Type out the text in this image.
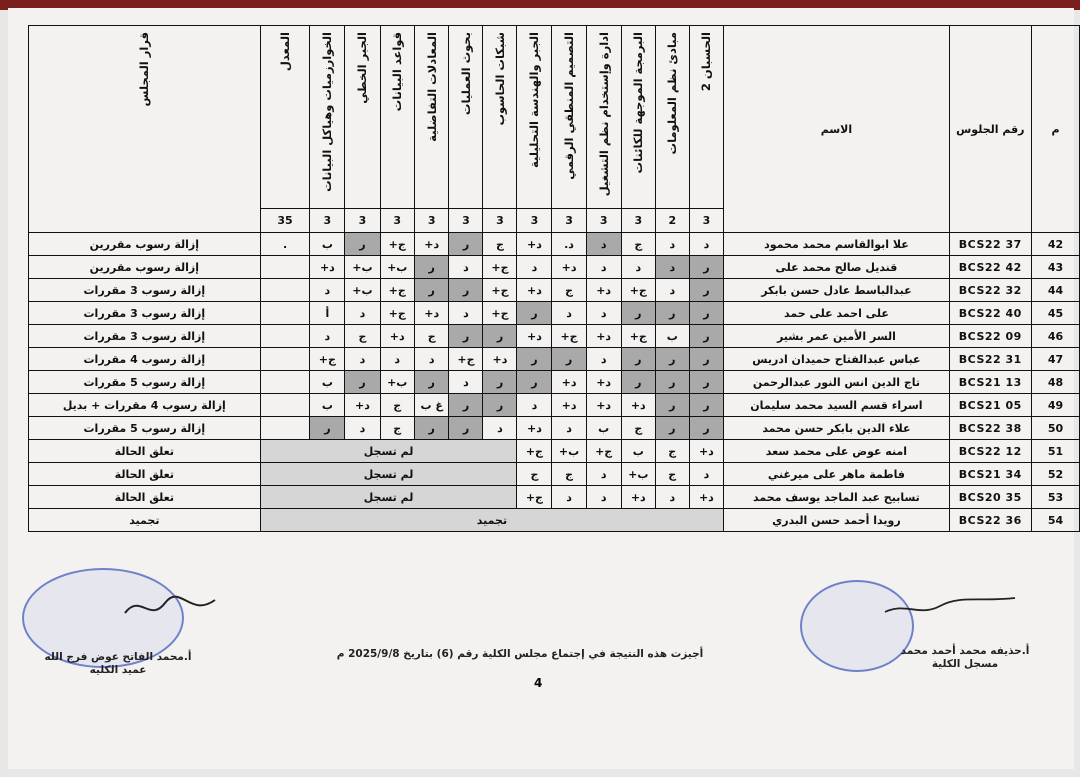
م	رقم الجلوس	الاسم	الحسبان 2	مبادئ نظم المعلومات	البرمجة الموجهة للكائنات	ادارة وإستخدام نظم التشغيل	التصميم المنطقي الرقمي	الجبر والهندسة التحليلية	شبكات الحاسوب	بحوث العمليات	المعادلات التفاضلية	قواعد البيانات	الجبر الخطي	الخوارزميات وهياكل البيانات	المعدل	قرار المجلس
			3	2	3	3	3	3	3	3	3	3	3	3	35	
42	BCS22 37	علا ابوالقاسم محمد محمود	د	د	ج	د	د.	د+	ج	ر	د+	ج+	ر	ب	.	إزالة رسوب مقررين
43	BCS22 42	قنديل صالح محمد على	ر	د	د	د	د+	د	ج+	د	ر	ب+	ب+	د+		إزالة رسوب مقررين
44	BCS22 32	عبدالباسط عادل حسن بابكر	ر	د	ج+	د+	ج	د+	ج+	ر	ر	ج+	ب+	د		إزالة رسوب 3 مقررات
45	BCS22 40	على احمد على حمد	ر	ر	ر	د	د	ر	ج+	د	د+	ج+	د	أ		إزالة رسوب 3 مقررات
46	BCS22 09	السر الأمين عمر بشير	ر	ب	ج+	د+	ج+	د+	ر	ر	ج	د+	ج	د		إزالة رسوب 3 مقررات
47	BCS22 31	عباس عبدالفتاح حميدان ادريس	ر	ر	ر	د	ر	ر	د+	ج+	د	د	د	ج+		إزالة رسوب 4 مقررات
48	BCS21 13	تاج الدين انس النور عبدالرحمن	ر	ر	ر	د+	د+	ر	ر	د	ر	ب+	ر	ب		إزالة رسوب 5 مقررات
49	BCS21 05	اسراء قسم السيد محمد سليمان	ر	ر	د+	د+	د+	د	ر	ر	غ ب	ج	د+	ب		إزالة رسوب 4 مقررات + بديل
50	BCS22 38	علاء الدين بابكر حسن محمد	ر	ر	ج	ب	د	د+	د	ر	ر	ج	د	ر		إزالة رسوب 5 مقررات
51	BCS22 12	امنه عوض على محمد سعد	د+	ج	ب	ج+	ب+	ج+	لم تسجل							تعلق الحالة
52	BCS21 34	فاطمة ماهر على ميرغني	د	ج	ب+	د	ج	ج	لم تسجل							تعلق الحالة
53	BCS20 35	تسابيح عبد الماجد يوسف محمد	د+	د	د+	د	د	ج+	لم تسجل							تعلق الحالة
54	BCS22 36	رويدا أحمد حسن البدري	تجميد													تجميد
أ.محمد الفاتح عوض فرج الله
عميد الكليه
أجيزت هذه النتيجة في إجتماع مجلس الكلية رقم (6) بتاريخ 2025/9/8 م	أ.حذيفه محمد أحمد محمد
مسجل الكلية
4
